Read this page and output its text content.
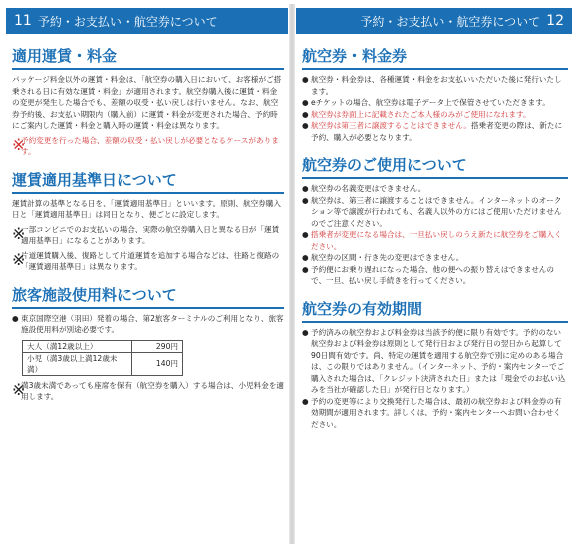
11 予約・お支払い・航空券について
適用運賃・料金

パッケージ料金以外の運賃・料金は、「航空券の購入日において、お客様がご搭乗される日に有効な運賃・料金」が適用されます。航空券購入後に運賃・料金の変更が発生した場合でも、差額の収受・払い戻しは行いません。なお、航空券予約後、お支払い期限内（購入前）に運賃・料金が変更された場合、予約時にご案内した運賃・料金と購入時の運賃・料金は異なります。

※

予約変更を行った場合、差額の収受・払い戻しが必要となるケースがあります。

運賃適用基準日について

運賃計算の基準となる日を、「運賃適用基準日」といいます。原則、航空券購入日と「運賃適用基準日」は同日となり、便ごとに設定します。

※

一部コンビニでのお支払いの場合、実際の航空券購入日と異なる日が「運賃適用基準日」になることがあります。

※

片道運賃購入後、復路として片道運賃を追加する場合などは、往路と復路の「運賃適用基準日」は異なります。

旅客施設使用料について
● 東京国際空港（羽田）発着の場合、第2旅客ターミナルのご利用となり、旅客施設使用料が別途必要です。
大人（満12歳以上）	290円
小児（満3歳以上満12歳未満）	140円
※

満3歳未満であっても座席を保有（航空券を購入）する場合は、小児料金を適用します。

予約・お支払い・航空券について 12
航空券・料金券
● 航空券・料金券は、各種運賃・料金をお支払いいただいた後に発行いたします。
● eチケットの場合、航空券は電子データ上で保管させていただきます。
● 航空券は券面上に記載されたご本人様のみがご使用になれます。
● 航空券は第三者に譲渡することはできません。搭乗者変更の際は、新たに予約、購入が必要となります。
航空券のご使用について
● 航空券の名義変更はできません。
● 航空券は、第三者に譲渡することはできません。インターネットのオークション等で譲渡が行われても、名義人以外の方にはご使用いただけませんのでご注意ください。
● 搭乗者が変更になる場合は、一旦払い戻しのうえ新たに航空券をご購入ください。
● 航空券の区間・行き先の変更はできません。
● 予約便にお乗り遅れになった場合、他の便への振り替えはできませんので、一旦、払い戻し手続きを行ってください。
航空券の有効期間
● 予約済みの航空券および料金券は当該予約便に限り有効です。予約のない航空券および料金券は原則として発行日および発行日の翌日から起算して90日間有効です。尚、特定の運賃を適用する航空券で別に定めのある場合は、この限りではありません。（インターネット、予約・案内センターでご購入された場合は、「クレジット決済された日」または「現金でのお払い込みを当社が確認した日」が発行日となります。）
● 予約の変更等により交換発行した場合は、最初の航空券および料金券の有効期間が適用されます。詳しくは、予約・案内センターへお問い合わせください。
